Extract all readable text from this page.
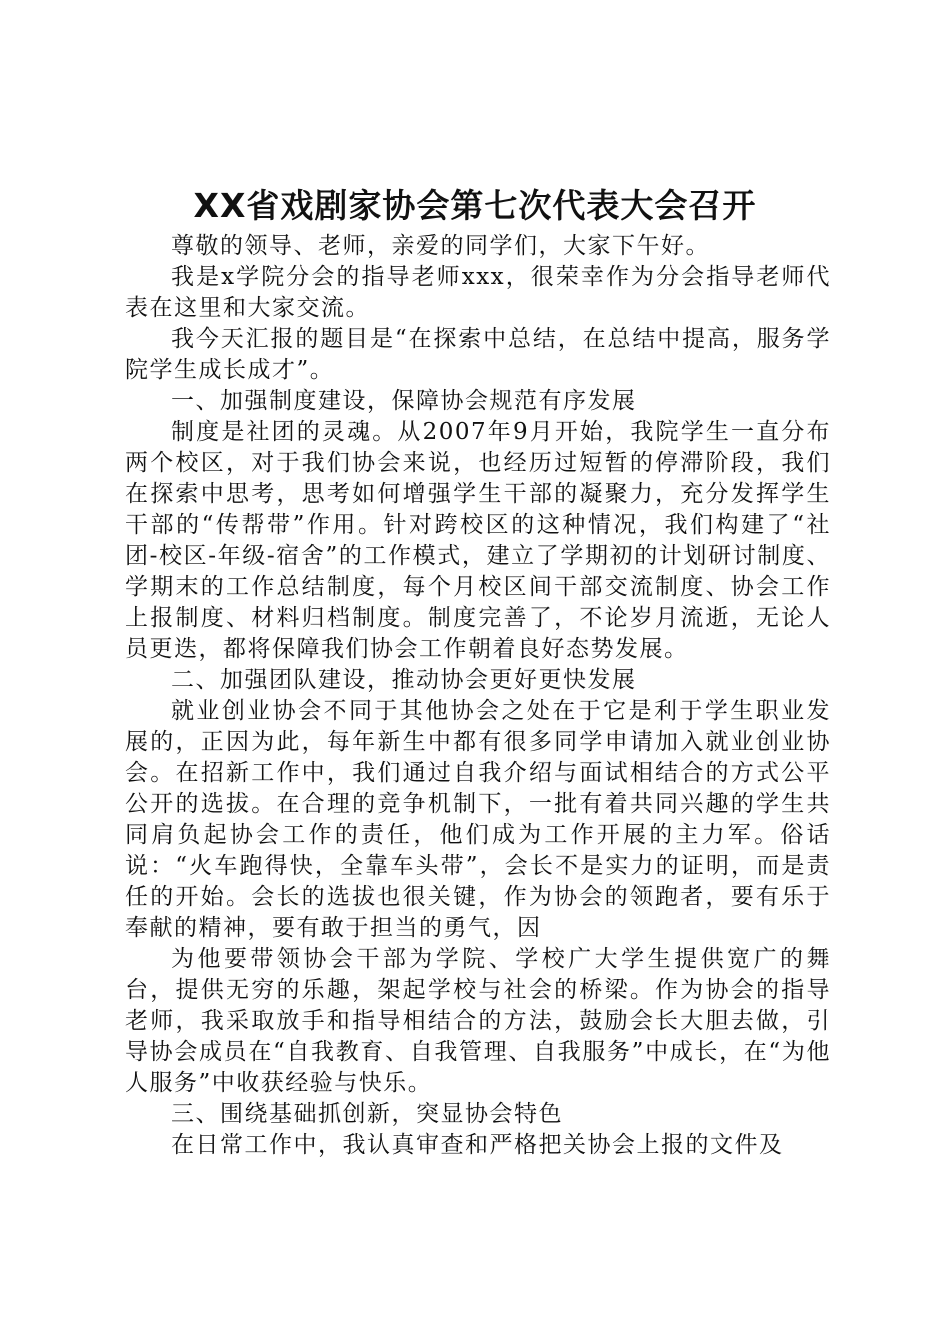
XX省戏剧家协会第七次代表大会召开

尊敬的领导、老师，亲爱的同学们，大家下午好。

我是x学院分会的指导老师xxx，很荣幸作为分会指导老师代表在这里和大家交流。

我今天汇报的题目是“在探索中总结，在总结中提高，服务学院学生成长成才”。

一、加强制度建设，保障协会规范有序发展

制度是社团的灵魂。从2007年9月开始，我院学生一直分布两个校区，对于我们协会来说，也经历过短暂的停滞阶段，我们在探索中思考，思考如何增强学生干部的凝聚力，充分发挥学生干部的“传帮带”作用。针对跨校区的这种情况，我们构建了“社团-校区-年级-宿舍”的工作模式，建立了学期初的计划研讨制度、学期末的工作总结制度，每个月校区间干部交流制度、协会工作上报制度、材料归档制度。制度完善了，不论岁月流逝，无论人员更迭，都将保障我们协会工作朝着良好态势发展。

二、加强团队建设，推动协会更好更快发展

就业创业协会不同于其他协会之处在于它是利于学生职业发展的，正因为此，每年新生中都有很多同学申请加入就业创业协会。在招新工作中，我们通过自我介绍与面试相结合的方式公平公开的选拔。在合理的竞争机制下，一批有着共同兴趣的学生共同肩负起协会工作的责任，他们成为工作开展的主力军。俗话说：“火车跑得快，全靠车头带”，会长不是实力的证明，而是责任的开始。会长的选拔也很关键，作为协会的领跑者，要有乐于奉献的精神，要有敢于担当的勇气，因

为他要带领协会干部为学院、学校广大学生提供宽广的舞台，提供无穷的乐趣，架起学校与社会的桥梁。作为协会的指导老师，我采取放手和指导相结合的方法，鼓励会长大胆去做，引导协会成员在“自我教育、自我管理、自我服务”中成长，在“为他人服务”中收获经验与快乐。

三、围绕基础抓创新，突显协会特色

在日常工作中，我认真审查和严格把关协会上报的文件及
